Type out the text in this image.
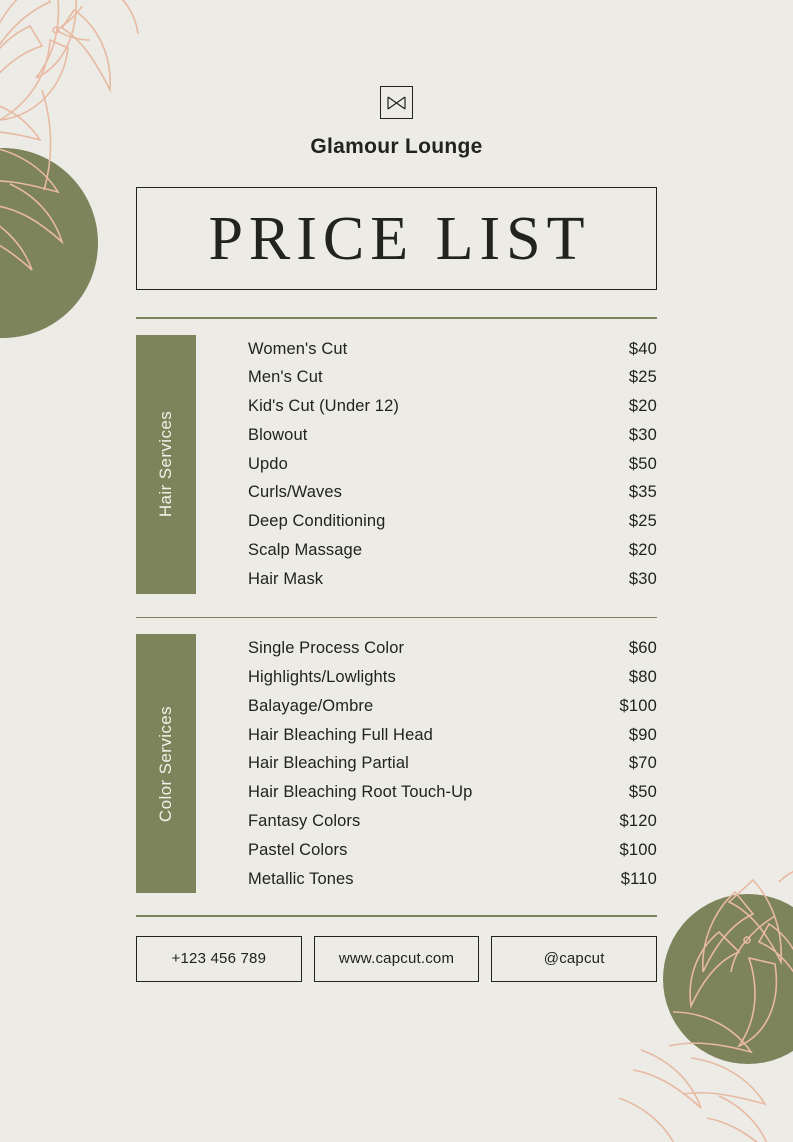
Glamour Lounge
PRICE LIST
Hair Services
Women's Cut	$40
Men's Cut	$25
Kid's Cut (Under 12)	$20
Blowout	$30
Updo	$50
Curls/Waves	$35
Deep Conditioning	$25
Scalp Massage	$20
Hair Mask	$30
Color Services
Single Process Color	$60
Highlights/Lowlights	$80
Balayage/Ombre	$100
Hair Bleaching Full Head	$90
Hair Bleaching Partial	$70
Hair Bleaching Root Touch-Up	$50
Fantasy Colors	$120
Pastel Colors	$100
Metallic Tones	$110
+123 456 789	www.capcut.com	@capcut
